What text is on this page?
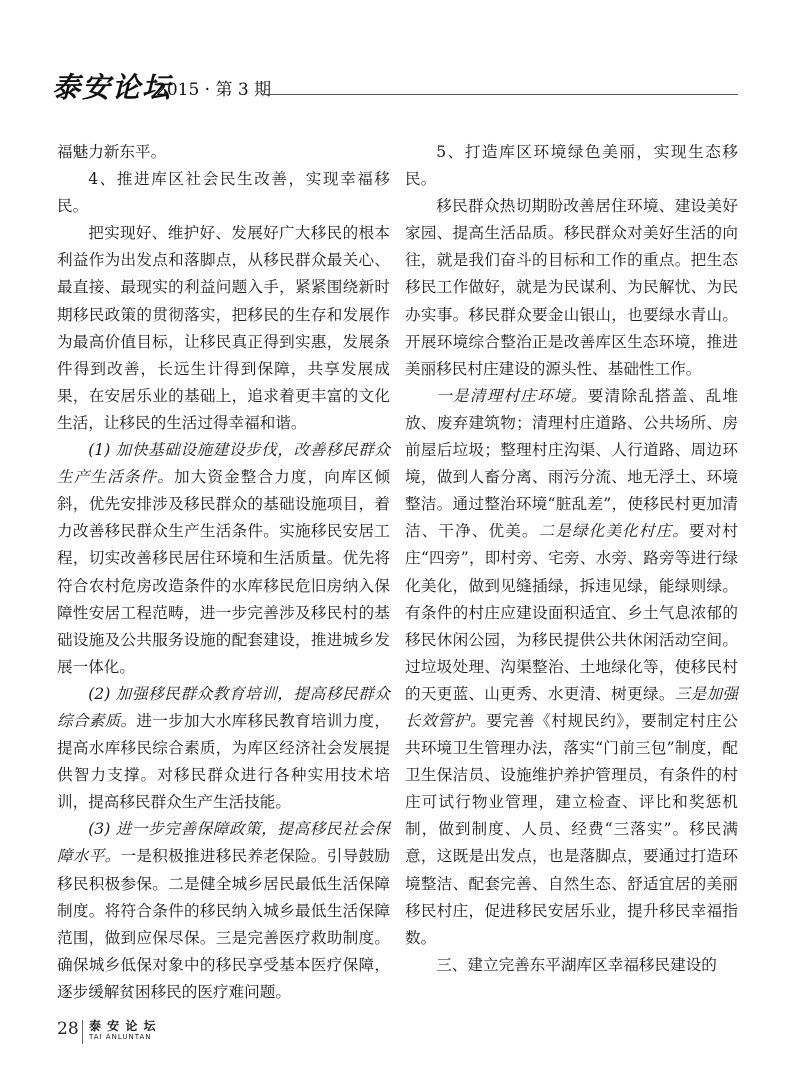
泰安论坛
2015 · 第 3 期

福魅力新东平。

4、推进库区社会民生改善，实现幸福移民。

把实现好、维护好、发展好广大移民的根本利益作为出发点和落脚点，从移民群众最关心、最直接、最现实的利益问题入手，紧紧围绕新时期移民政策的贯彻落实，把移民的生存和发展作为最高价值目标，让移民真正得到实惠，发展条件得到改善，长远生计得到保障，共享发展成果，在安居乐业的基础上，追求着更丰富的文化生活，让移民的生活过得幸福和谐。

(1) 加快基础设施建设步伐，改善移民群众生产生活条件。加大资金整合力度，向库区倾斜，优先安排涉及移民群众的基础设施项目，着力改善移民群众生产生活条件。实施移民安居工程，切实改善移民居住环境和生活质量。优先将符合农村危房改造条件的水库移民危旧房纳入保障性安居工程范畴，进一步完善涉及移民村的基础设施及公共服务设施的配套建设，推进城乡发展一体化。

(2) 加强移民群众教育培训，提高移民群众综合素质。进一步加大水库移民教育培训力度，提高水库移民综合素质，为库区经济社会发展提供智力支撑。对移民群众进行各种实用技术培训，提高移民群众生产生活技能。

(3) 进一步完善保障政策，提高移民社会保障水平。一是积极推进移民养老保险。引导鼓励移民积极参保。二是健全城乡居民最低生活保障制度。将符合条件的移民纳入城乡最低生活保障范围，做到应保尽保。三是完善医疗救助制度。确保城乡低保对象中的移民享受基本医疗保障，逐步缓解贫困移民的医疗难问题。

5、打造库区环境绿色美丽，实现生态移民。

移民群众热切期盼改善居住环境、建设美好家园、提高生活品质。移民群众对美好生活的向往，就是我们奋斗的目标和工作的重点。把生态移民工作做好，就是为民谋利、为民解忧、为民办实事。移民群众要金山银山，也要绿水青山。开展环境综合整治正是改善库区生态环境，推进美丽移民村庄建设的源头性、基础性工作。

一是清理村庄环境。要清除乱搭盖、乱堆放、废弃建筑物；清理村庄道路、公共场所、房前屋后垃圾；整理村庄沟渠、人行道路、周边环境，做到人畜分离、雨污分流、地无浮土、环境整洁。通过整治环境“脏乱差”，使移民村更加清洁、干净、优美。二是绿化美化村庄。要对村庄“四旁”，即村旁、宅旁、水旁、路旁等进行绿化美化，做到见缝插绿，拆违见绿，能绿则绿。有条件的村庄应建设面积适宜、乡土气息浓郁的移民休闲公园，为移民提供公共休闲活动空间。过垃圾处理、沟渠整治、土地绿化等，使移民村的天更蓝、山更秀、水更清、树更绿。三是加强长效管护。要完善《村规民约》，要制定村庄公共环境卫生管理办法，落实“门前三包”制度，配卫生保洁员、设施维护养护管理员，有条件的村庄可试行物业管理，建立检查、评比和奖惩机制，做到制度、人员、经费“三落实”。移民满意，这既是出发点，也是落脚点，要通过打造环境整洁、配套完善、自然生态、舒适宜居的美丽移民村庄，促进移民安居乐业，提升移民幸福指数。

三、建立完善东平湖库区幸福移民建设的

28 泰 安 论 坛
TAI ANLUNTAN
